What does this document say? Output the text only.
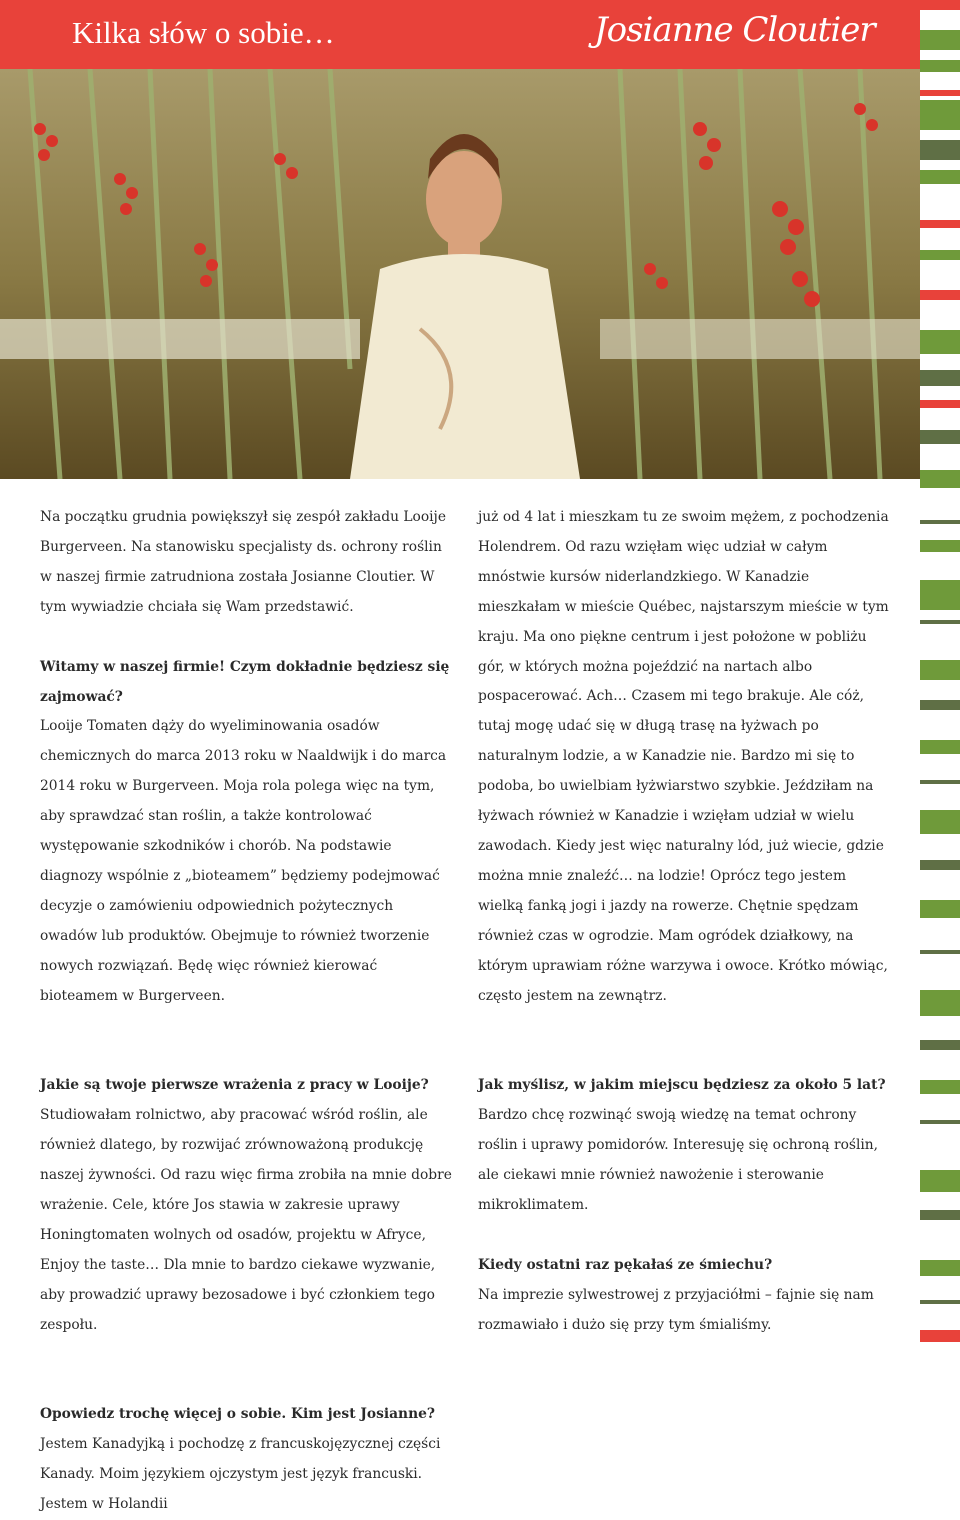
Kilka słów o sobie…	Josianne Cloutier

Na początku grudnia powiększył się zespół zakładu Looije Burgerveen. Na stanowisku specjalisty ds. ochrony roślin w naszej firmie zatrudniona została Josianne Cloutier. W tym wywiadzie chciała się Wam przedstawić.

Witamy w naszej firmie! Czym dokładnie będziesz się zajmować?

Looije Tomaten dąży do wyeliminowania osadów chemicznych do marca 2013 roku w Naaldwijk i do marca 2014 roku w Burgerveen. Moja rola polega więc na tym, aby sprawdzać stan roślin, a także kontrolować występowanie szkodników i chorób. Na podstawie diagnozy wspólnie z „bioteamem” będziemy podejmować decyzje o zamówieniu odpowiednich pożytecznych owadów lub produktów. Obejmuje to również tworzenie nowych rozwiązań. Będę więc również kierować bioteamem w Burgerveen.

Jakie są twoje pierwsze wrażenia z pracy w Looije?

Studiowałam rolnictwo, aby pracować wśród roślin, ale również dlatego, by rozwijać zrównoważoną produkcję naszej żywności. Od razu więc firma zrobiła na mnie dobre wrażenie. Cele, które Jos stawia w zakresie uprawy Honingtomaten wolnych od osadów, projektu w Afryce, Enjoy the taste… Dla mnie to bardzo ciekawe wyzwanie, aby prowadzić uprawy bezosadowe i być członkiem tego zespołu.

Opowiedz trochę więcej o sobie. Kim jest Josianne?

Jestem Kanadyjką i pochodzę z francuskojęzycznej części Kanady. Moim językiem ojczystym jest język francuski. Jestem w Holandii

już od 4 lat i mieszkam tu ze swoim mężem, z pochodzenia Holendrem. Od razu wzięłam więc udział w całym mnóstwie kursów niderlandzkiego. W Kanadzie mieszkałam w mieście Québec, najstarszym mieście w tym kraju. Ma ono piękne centrum i jest położone w pobliżu gór, w których można pojeździć na nartach albo pospacerować. Ach… Czasem mi tego brakuje. Ale cóż, tutaj mogę udać się w długą trasę na łyżwach po naturalnym lodzie, a w Kanadzie nie. Bardzo mi się to podoba, bo uwielbiam łyżwiarstwo szybkie. Jeździłam na łyżwach również w Kanadzie i wzięłam udział w wielu zawodach. Kiedy jest więc naturalny lód, już wiecie, gdzie można mnie znaleźć… na lodzie! Oprócz tego jestem wielką fanką jogi i jazdy na rowerze. Chętnie spędzam również czas w ogrodzie. Mam ogródek działkowy, na którym uprawiam różne warzywa i owoce. Krótko mówiąc, często jestem na zewnątrz.

Jak myślisz, w jakim miejscu będziesz za około 5 lat?

Bardzo chcę rozwinąć swoją wiedzę na temat ochrony roślin i uprawy pomidorów. Interesuję się ochroną roślin, ale ciekawi mnie również nawożenie i sterowanie mikroklimatem.

Kiedy ostatni raz pękałaś ze śmiechu?

Na imprezie sylwestrowej z przyjaciółmi – fajnie się nam rozmawiało i dużo się przy tym śmialiśmy.
